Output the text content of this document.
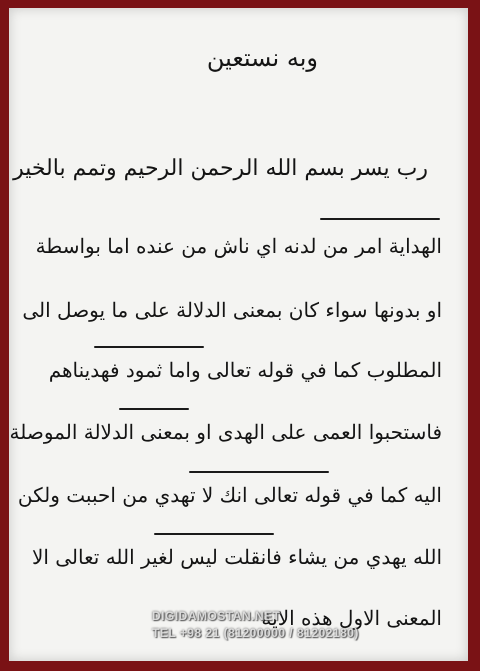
وبه نستعين
رب يسر بسم الله الرحمن الرحيم وتمم بالخير
الهداية امر من لدنه اي ناش من عنده اما بواسطة
او بدونها سواء كان بمعنى الدلالة على ما يوصل الى
المطلوب كما في قوله تعالى واما ثمود فهديناهم
فاستحبوا العمى على الهدى او بمعنى الدلالة الموصلة
اليه كما في قوله تعالى انك لا تهدي من احببت ولكن
الله يهدي من يشاء فانقلت ليس لغير الله تعالى الا
المعنى الاول هذه الاية
DIGIDAMOSTAN.NET
TEL +98 21 (81200000 / 81202180)
